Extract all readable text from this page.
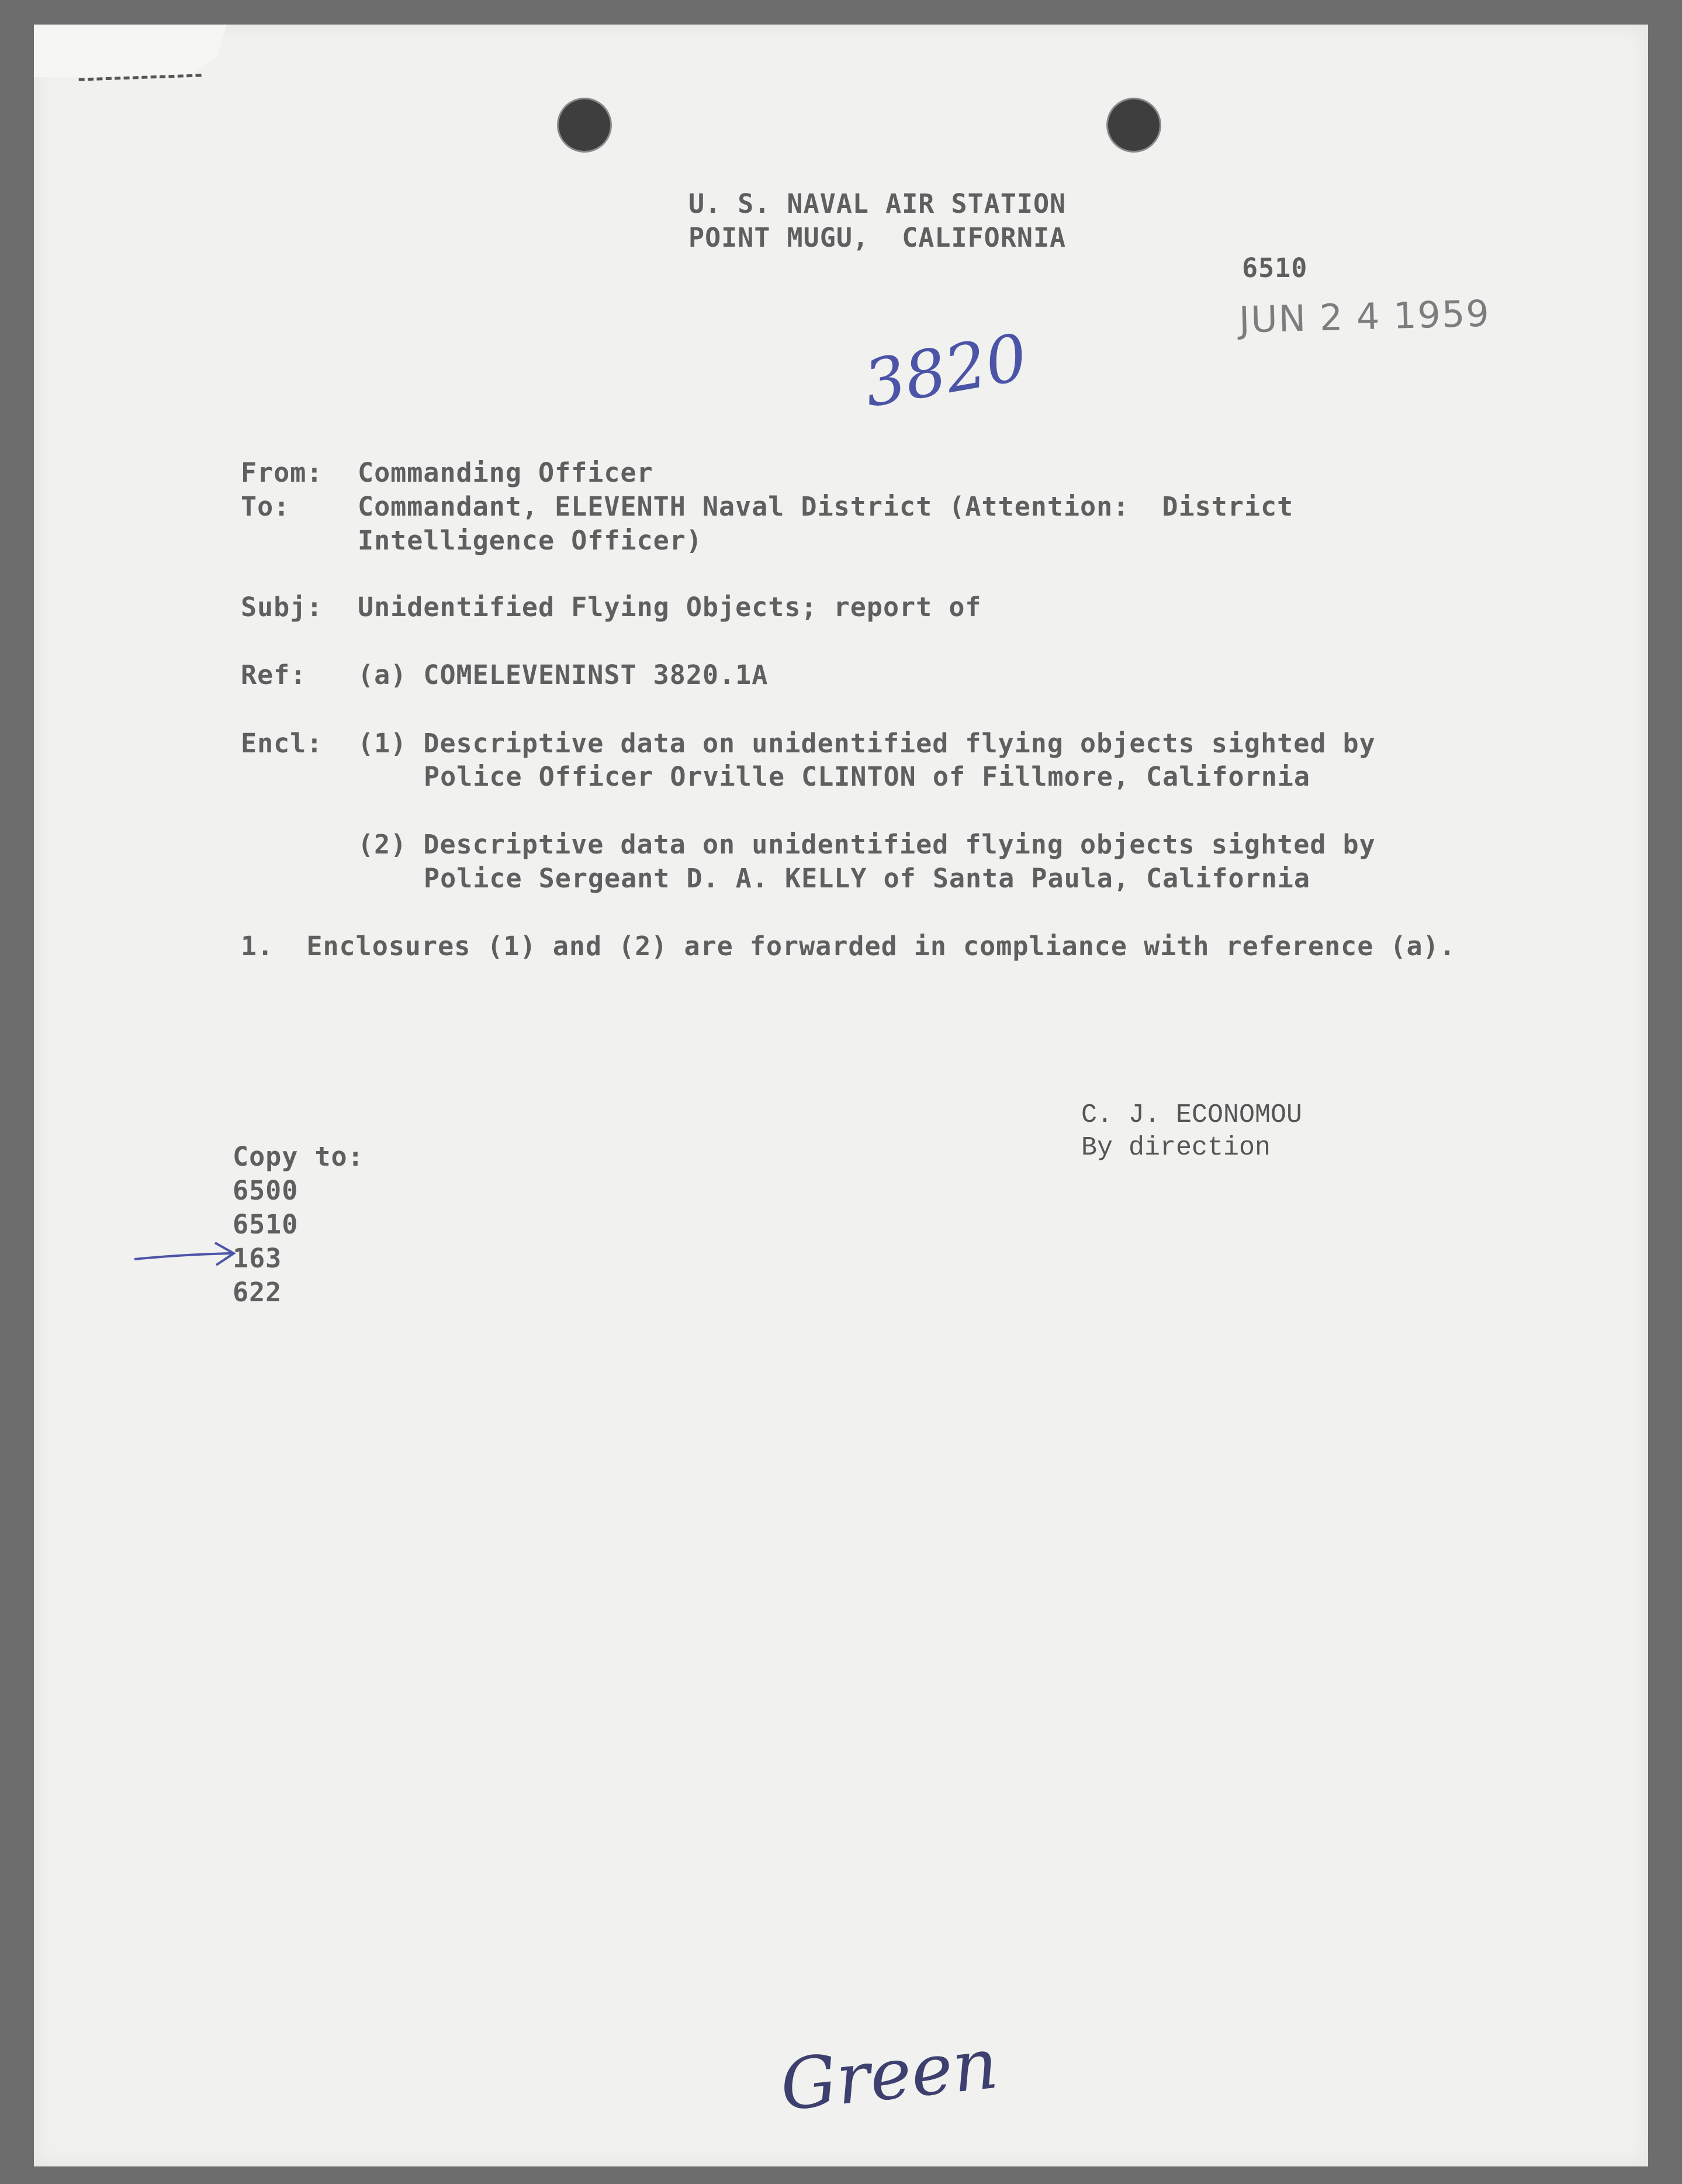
U. S. NAVAL AIR STATION
POINT MUGU,  CALIFORNIA
6510
JUN 2 4 1959
3820
From: Commanding Officer
To:	Commandant, ELEVENTH Naval District (Attention:  District
Intelligence Officer)
Subj: Unidentified Flying Objects; report of
Ref: (a) COMELEVENINST 3820.1A
Encl: (1) Descriptive data on unidentified flying objects sighted by
Police Officer Orville CLINTON of Fillmore, California
(2) Descriptive data on unidentified flying objects sighted by
Police Sergeant D. A. KELLY of Santa Paula, California
1.  Enclosures (1) and (2) are forwarded in compliance with reference (a).
C. J. ECONOMOU
By direction
Copy to:
6500
6510
163
622
Green
